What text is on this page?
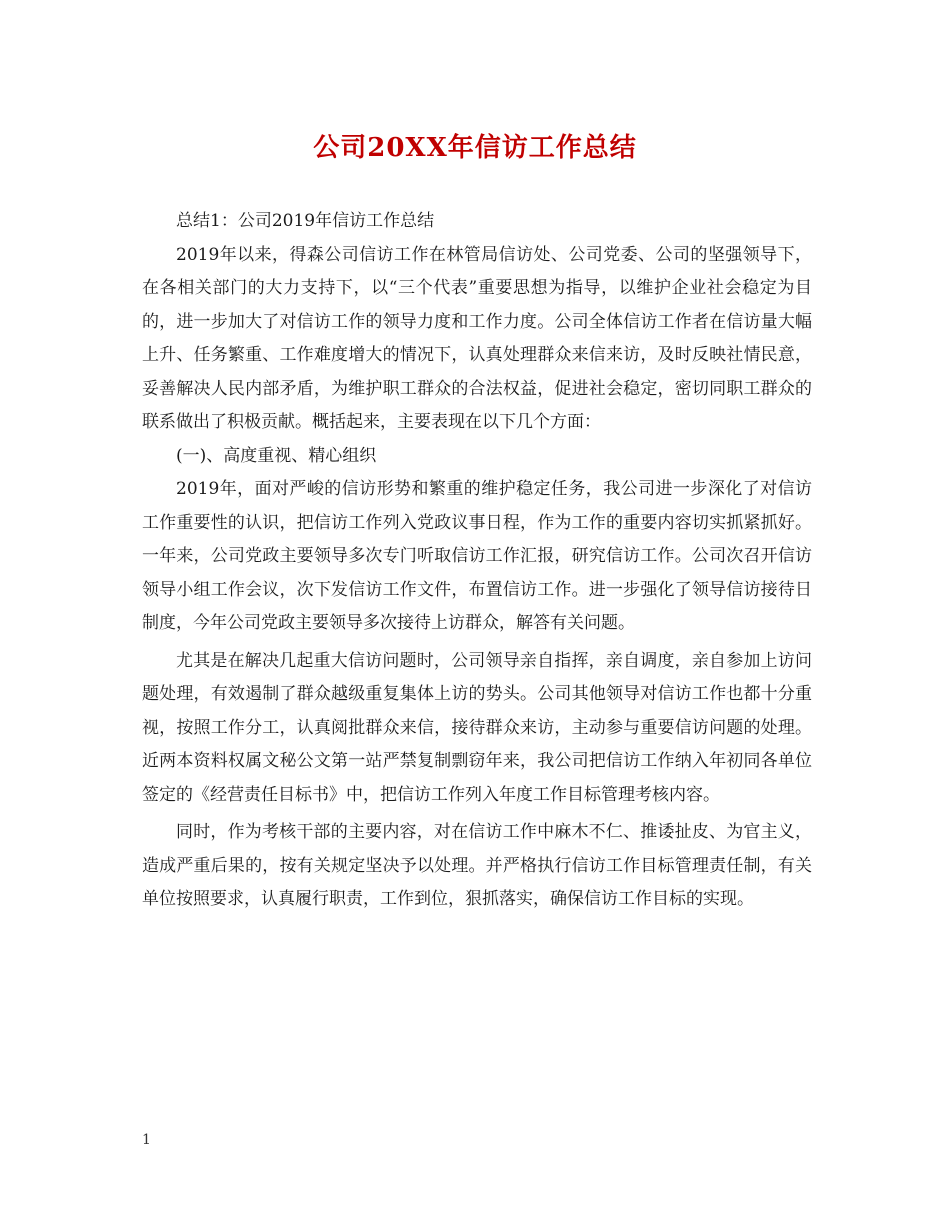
公司20XX年信访工作总结

总结1：公司2019年信访工作总结

2019年以来，得森公司信访工作在林管局信访处、公司党委、公司的坚强领导下，在各相关部门的大力支持下，以“三个代表”重要思想为指导，以维护企业社会稳定为目的，进一步加大了对信访工作的领导力度和工作力度。公司全体信访工作者在信访量大幅上升、任务繁重、工作难度增大的情况下，认真处理群众来信来访，及时反映社情民意，妥善解决人民内部矛盾，为维护职工群众的合法权益，促进社会稳定，密切同职工群众的联系做出了积极贡献。概括起来，主要表现在以下几个方面：

(一)、高度重视、精心组织

2019年，面对严峻的信访形势和繁重的维护稳定任务，我公司进一步深化了对信访工作重要性的认识，把信访工作列入党政议事日程，作为工作的重要内容切实抓紧抓好。一年来，公司党政主要领导多次专门听取信访工作汇报，研究信访工作。公司次召开信访领导小组工作会议，次下发信访工作文件，布置信访工作。进一步强化了领导信访接待日制度，今年公司党政主要领导多次接待上访群众，解答有关问题。

尤其是在解决几起重大信访问题时，公司领导亲自指挥，亲自调度，亲自参加上访问题处理，有效遏制了群众越级重复集体上访的势头。公司其他领导对信访工作也都十分重视，按照工作分工，认真阅批群众来信，接待群众来访，主动参与重要信访问题的处理。近两本资料权属文秘公文第一站严禁复制剽窃年来，我公司把信访工作纳入年初同各单位签定的《经营责任目标书》中，把信访工作列入年度工作目标管理考核内容。

同时，作为考核干部的主要内容，对在信访工作中麻木不仁、推诿扯皮、为官主义，造成严重后果的，按有关规定坚决予以处理。并严格执行信访工作目标管理责任制，有关单位按照要求，认真履行职责，工作到位，狠抓落实，确保信访工作目标的实现。

1
